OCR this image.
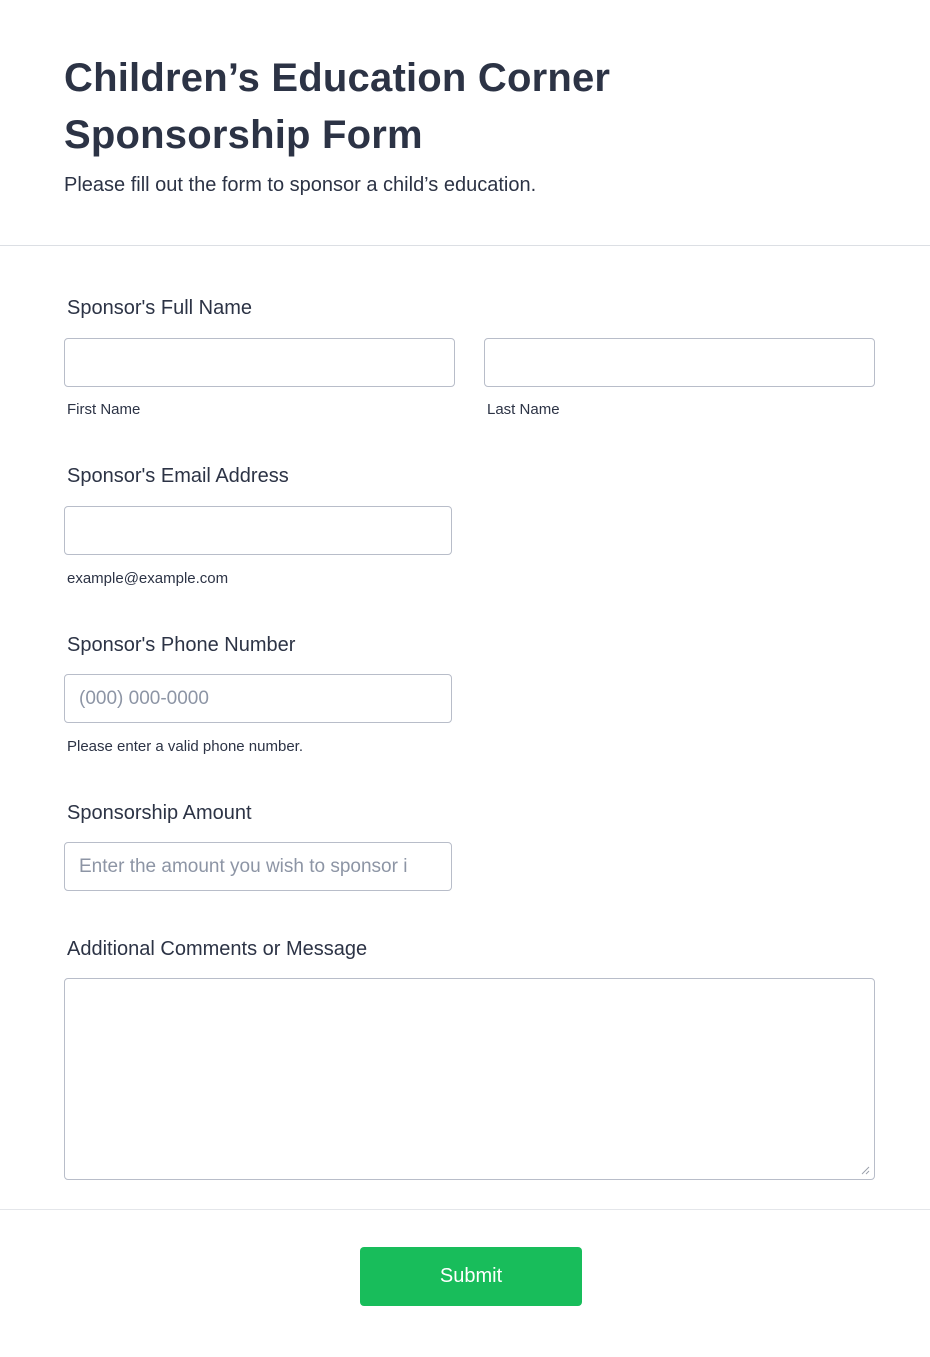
Children’s Education Corner Sponsorship Form

Please fill out the form to sponsor a child’s education.

Sponsor's Full Name
First Name	Last Name
Sponsor's Email Address
example@example.com
Sponsor's Phone Number
(000) 000-0000
Please enter a valid phone number.
Sponsorship Amount
Enter the amount you wish to sponsor i
Additional Comments or Message
Submit
